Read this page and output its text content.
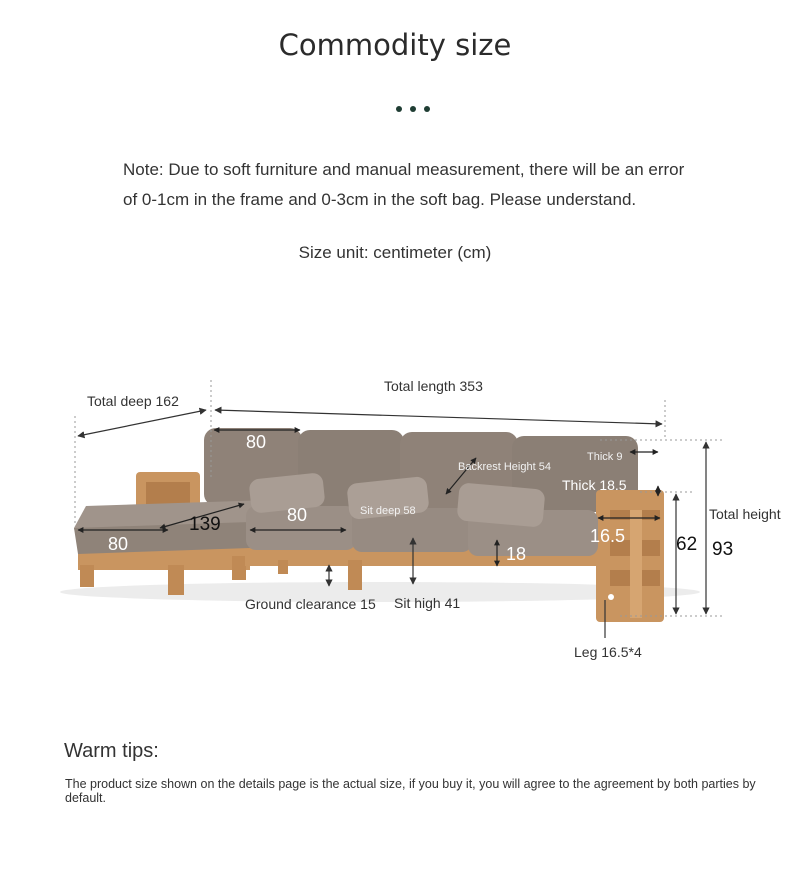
Commodity size
Note: Due to soft furniture and manual measurement, there will be an error of 0-1cm in the frame and 0-3cm in the soft bag. Please understand.
Size unit: centimeter (cm)
Total deep 162
Total length 353
Backrest Height 54
Thick 9
Thick 18.5
Total height
93
62
16.5
18
Sit deep 58
80
80
80
139
Ground clearance 15 Sit high 41
Leg 16.5*4
Warm tips:
The product size shown on the details page is the actual size, if you buy it, you will agree to the agreement by both parties by default.
